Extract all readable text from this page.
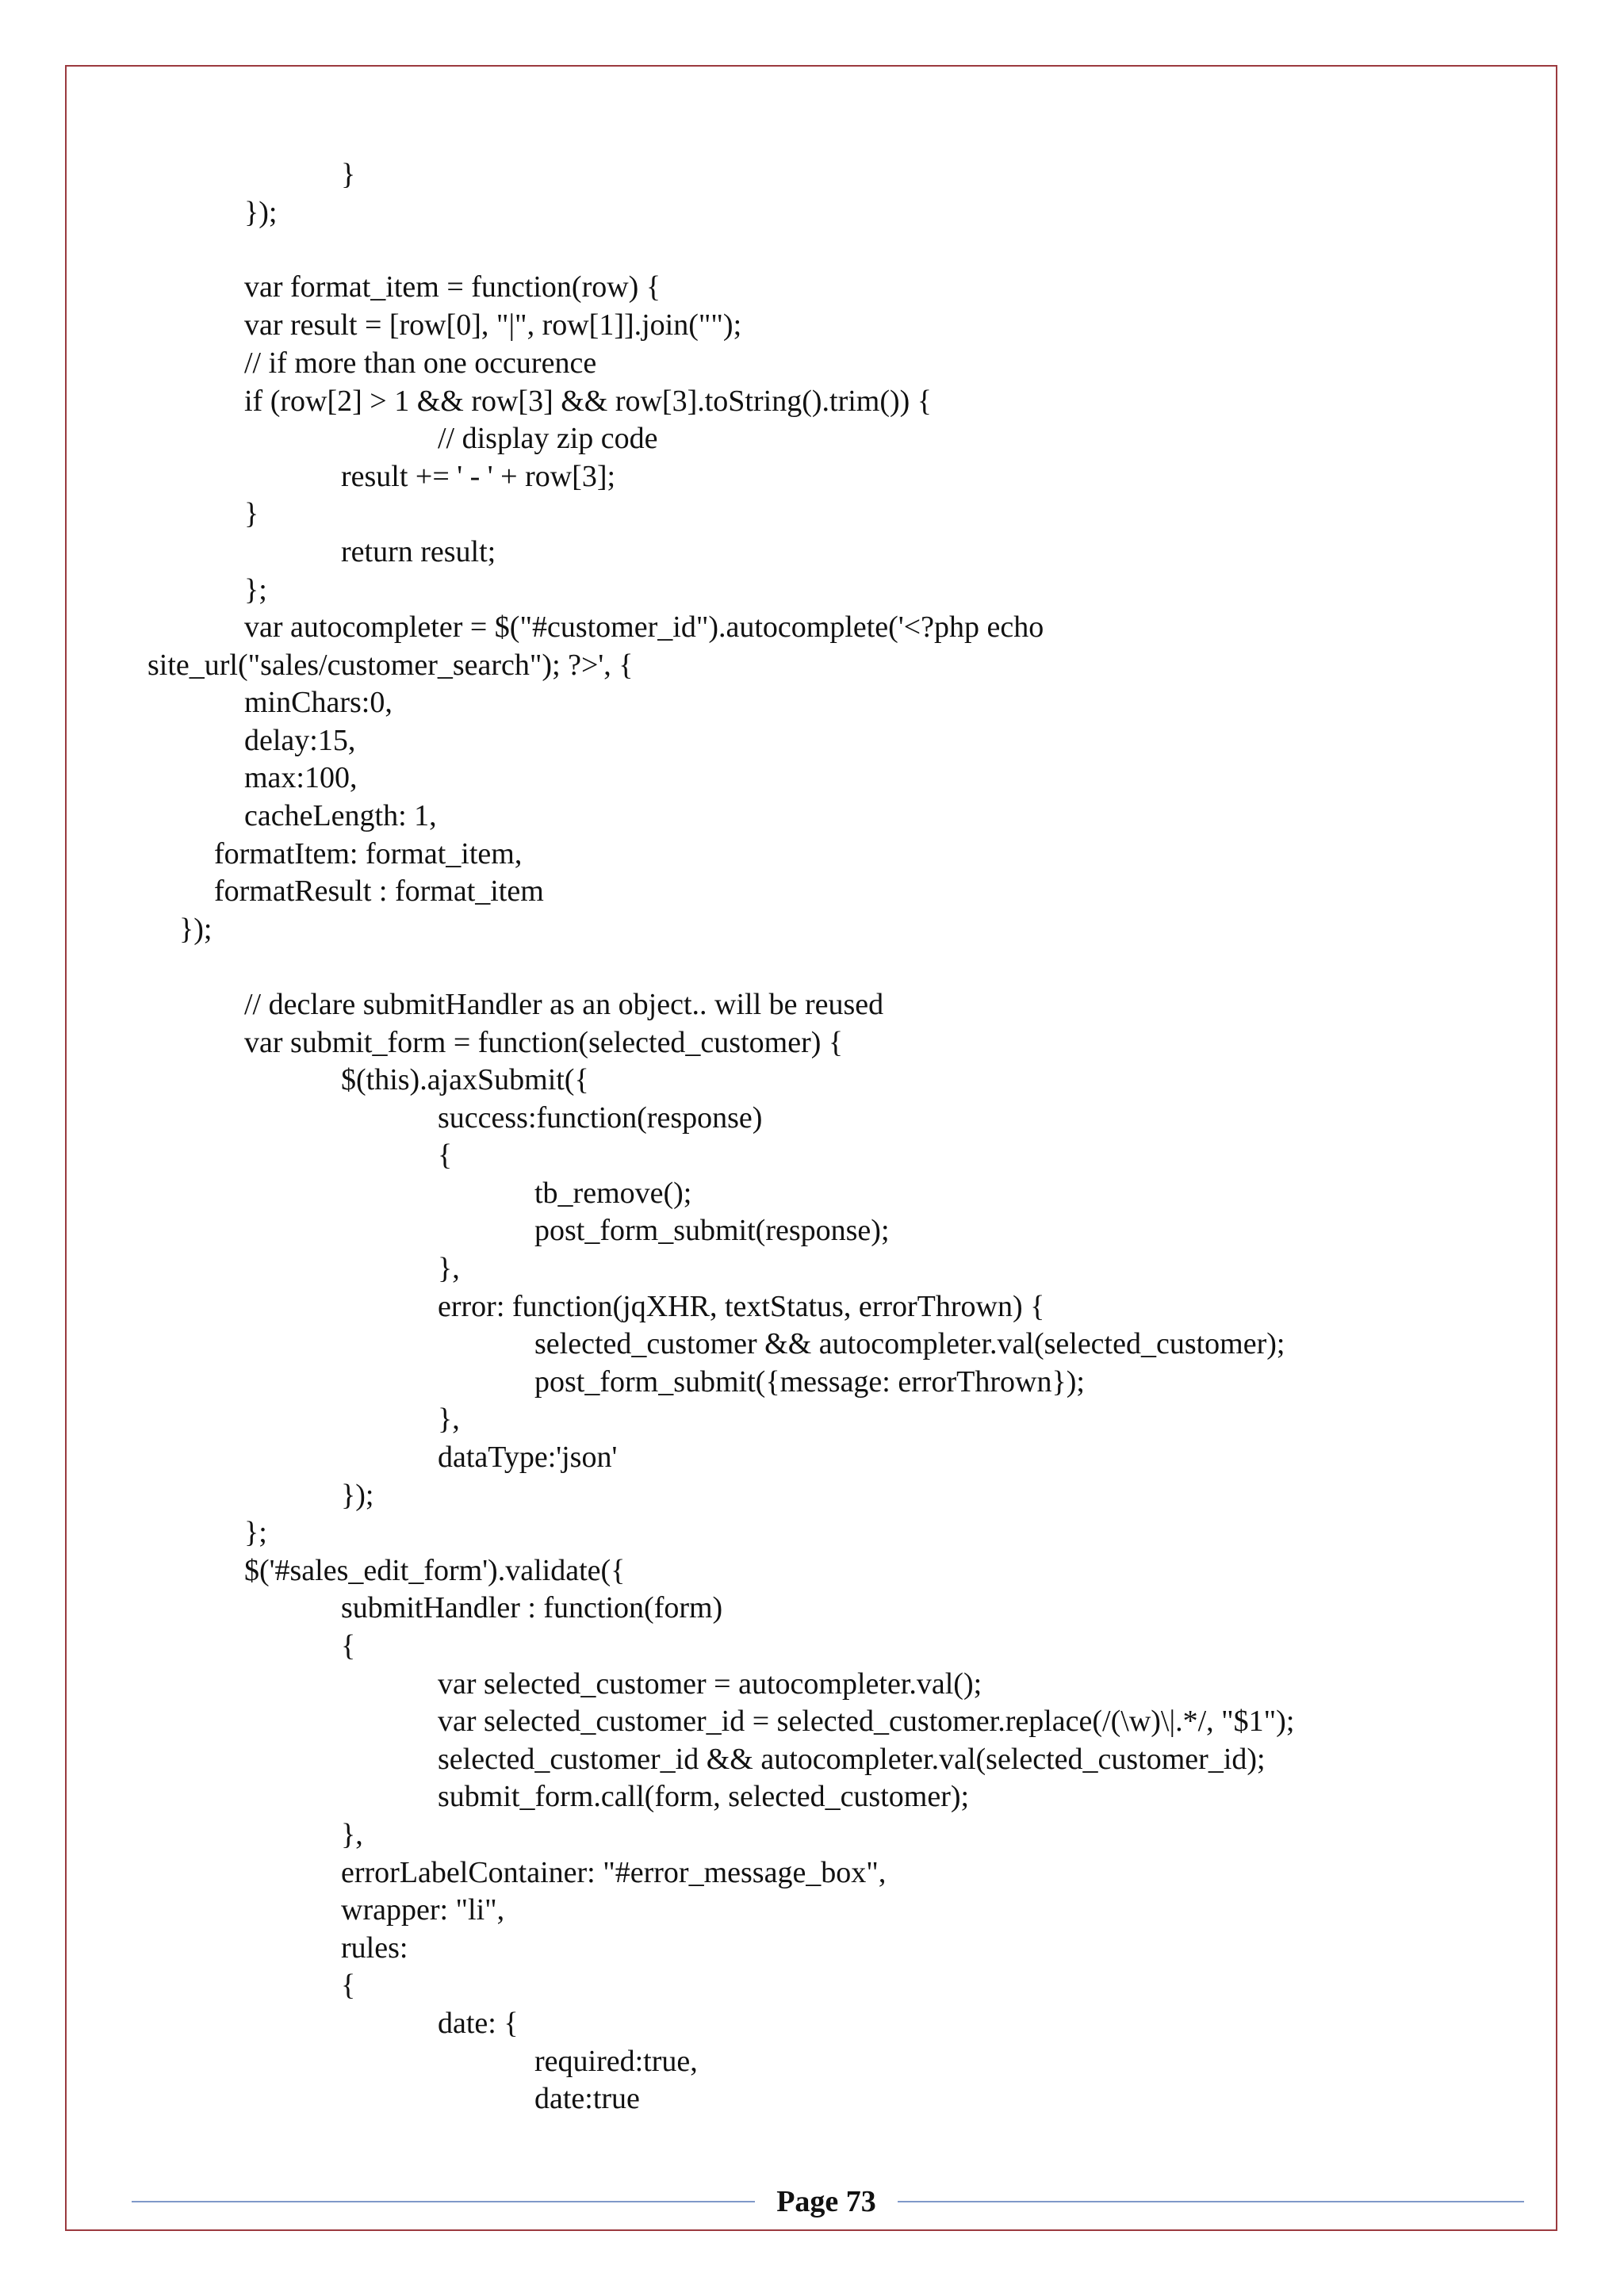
}
});
var format_item = function(row) {
var result = [row[0], "|", row[1]].join("");
// if more than one occurence
if (row[2] > 1 && row[3] && row[3].toString().trim()) {
// display zip code
result += ' - ' + row[3];
}
return result;
};
var autocompleter = $("#customer_id").autocomplete('<?php echo
site_url("sales/customer_search"); ?>', {
minChars:0,
delay:15,
max:100,
cacheLength: 1,
formatItem: format_item,
formatResult : format_item
});
// declare submitHandler as an object.. will be reused
var submit_form = function(selected_customer) {
$(this).ajaxSubmit({
success:function(response)
{
tb_remove();
post_form_submit(response);
},
error: function(jqXHR, textStatus, errorThrown) {
selected_customer && autocompleter.val(selected_customer);
post_form_submit({message: errorThrown});
},
dataType:'json'
});
};
$('#sales_edit_form').validate({
submitHandler : function(form)
{
var selected_customer = autocompleter.val();
var selected_customer_id = selected_customer.replace(/(\w)\|.*/, "$1");
selected_customer_id && autocompleter.val(selected_customer_id);
submit_form.call(form, selected_customer);
},
errorLabelContainer: "#error_message_box",
wrapper: "li",
rules:
{
date: {
required:true,
date:true
Page 73
